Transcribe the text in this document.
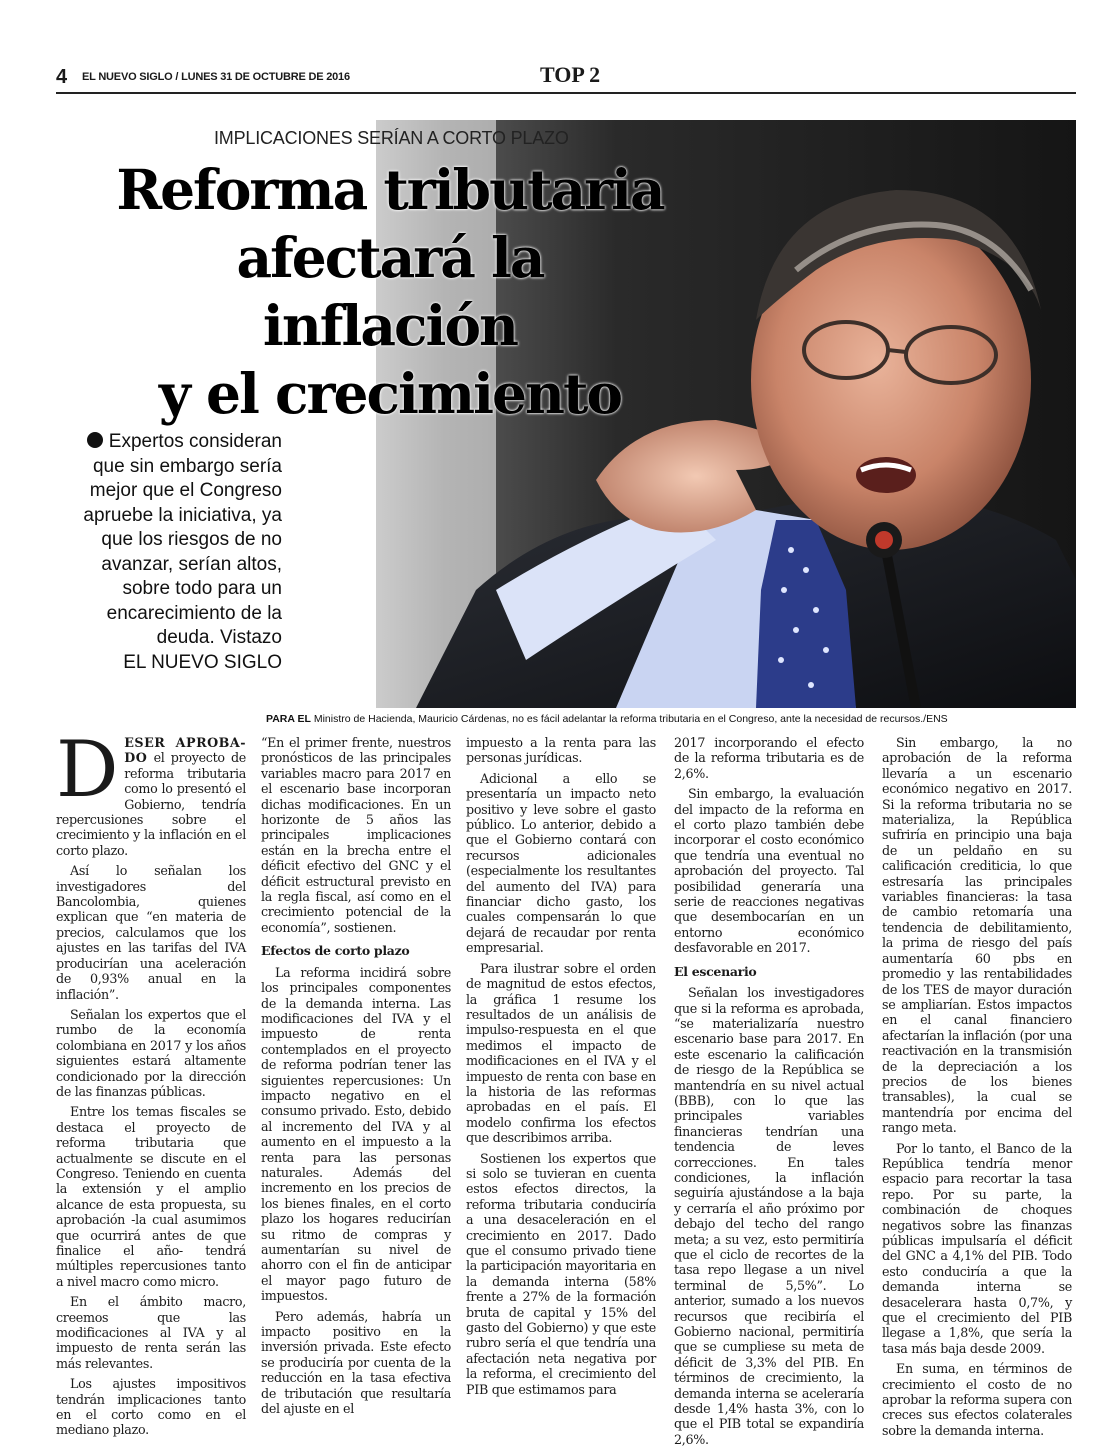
4 EL NUEVO SIGLO / LUNES 31 DE OCTUBRE DE 2016	TOP 2
IMPLICACIONES SERÍAN A CORTO PLAZO
Reforma tributaria
afectará la inflación
y el crecimiento
Expertos consideran que sin embargo sería mejor que el Congreso apruebe la iniciativa, ya que los riesgos de no avanzar, serían altos, sobre todo para un encarecimiento de la deuda. Vistazo
EL NUEVO SIGLO
PARA EL Ministro de Hacienda, Mauricio Cárdenas, no es fácil adelantar la reforma tributaria en el Congreso, ante la necesidad de recursos./ENS

DESER APROBA-DO el proyecto de reforma tributaria como lo presentó el Gobierno, tendría repercusiones sobre el crecimiento y la inflación en el corto plazo.

Así lo señalan los investigadores del Bancolombia, quienes explican que “en materia de precios, calculamos que los ajustes en las tarifas del IVA producirían una aceleración de 0,93% anual en la inflación”.

Señalan los expertos que el rumbo de la economía colombiana en 2017 y los años siguientes estará altamente condicionado por la dirección de las finanzas públicas.

Entre los temas fiscales se destaca el proyecto de reforma tributaria que actualmente se discute en el Congreso. Teniendo en cuenta la extensión y el amplio alcance de esta propuesta, su aprobación -la cual asumimos que ocurrirá antes de que finalice el año- tendrá múltiples repercusiones tanto a nivel macro como micro.

En el ámbito macro, creemos que las modificaciones al IVA y al impuesto de renta serán las más relevantes.

Los ajustes impositivos tendrán implicaciones tanto en el corto como en el mediano plazo.

“En el primer frente, nuestros pronósticos de las principales variables macro para 2017 en el escenario base incorporan dichas modificaciones. En un horizonte de 5 años las principales implicaciones están en la brecha entre el déficit efectivo del GNC y el déficit estructural previsto en la regla fiscal, así como en el crecimiento potencial de la economía”, sostienen.

Efectos de corto plazo

La reforma incidirá sobre los principales componentes de la demanda interna. Las modificaciones del IVA y el impuesto de renta contemplados en el proyecto de reforma podrían tener las siguientes repercusiones: Un impacto negativo en el consumo privado. Esto, debido al incremento del IVA y al aumento en el impuesto a la renta para las personas naturales. Además del incremento en los precios de los bienes finales, en el corto plazo los hogares reducirían su ritmo de compras y aumentarían su nivel de ahorro con el fin de anticipar el mayor pago futuro de impuestos.

Pero además, habría un impacto positivo en la inversión privada. Este efecto se produciría por cuenta de la reducción en la tasa efectiva de tributación que resultaría del ajuste en el

impuesto a la renta para las personas jurídicas.

Adicional a ello se presentaría un impacto neto positivo y leve sobre el gasto público. Lo anterior, debido a que el Gobierno contará con recursos adicionales (especialmente los resultantes del aumento del IVA) para financiar dicho gasto, los cuales compensarán lo que dejará de recaudar por renta empresarial.

Para ilustrar sobre el orden de magnitud de estos efectos, la gráfica 1 resume los resultados de un análisis de impulso-respuesta en el que medimos el impacto de modificaciones en el IVA y el impuesto de renta con base en la historia de las reformas aprobadas en el país. El modelo confirma los efectos que describimos arriba.

Sostienen los expertos que si solo se tuvieran en cuenta estos efectos directos, la reforma tributaria conduciría a una desaceleración en el crecimiento en 2017. Dado que el consumo privado tiene la participación mayoritaria en la demanda interna (58% frente a 27% de la formación bruta de capital y 15% del gasto del Gobierno) y que este rubro sería el que tendría una afectación neta negativa por la reforma, el crecimiento del PIB que estimamos para

2017 incorporando el efecto de la reforma tributaria es de 2,6%.

Sin embargo, la evaluación del impacto de la reforma en el corto plazo también debe incorporar el costo económico que tendría una eventual no aprobación del proyecto. Tal posibilidad generaría una serie de reacciones negativas que desembocarían en un entorno económico desfavorable en 2017.

El escenario

Señalan los investigadores que si la reforma es aprobada, “se materializaría nuestro escenario base para 2017. En este escenario la calificación de riesgo de la República se mantendría en su nivel actual (BBB), con lo que las principales variables financieras tendrían una tendencia de leves correcciones. En tales condiciones, la inflación seguiría ajustándose a la baja y cerraría el año próximo por debajo del techo del rango meta; a su vez, esto permitiría que el ciclo de recortes de la tasa repo llegase a un nivel terminal de 5,5%”. Lo anterior, sumado a los nuevos recursos que recibiría el Gobierno nacional, permitiría que se cumpliese su meta de déficit de 3,3% del PIB. En términos de crecimiento, la demanda interna se aceleraría desde 1,4% hasta 3%, con lo que el PIB total se expandiría 2,6%.

Sin embargo, la no aprobación de la reforma llevaría a un escenario económico negativo en 2017. Si la reforma tributaria no se materializa, la República sufriría en principio una baja de un peldaño en su calificación crediticia, lo que estresaría las principales variables financieras: la tasa de cambio retomaría una tendencia de debilitamiento, la prima de riesgo del país aumentaría 60 pbs en promedio y las rentabilidades de los TES de mayor duración se ampliarían. Estos impactos en el canal financiero afectarían la inflación (por una reactivación en la transmisión de la depreciación a los precios de los bienes transables), la cual se mantendría por encima del rango meta.

Por lo tanto, el Banco de la República tendría menor espacio para recortar la tasa repo. Por su parte, la combinación de choques negativos sobre las finanzas públicas impulsaría el déficit del GNC a 4,1% del PIB. Todo esto conduciría a que la demanda interna se desacelerara hasta 0,7%, y que el crecimiento del PIB llegase a 1,8%, que sería la tasa más baja desde 2009.

En suma, en términos de crecimiento el costo de no aprobar la reforma supera con creces sus efectos colaterales sobre la demanda interna.
